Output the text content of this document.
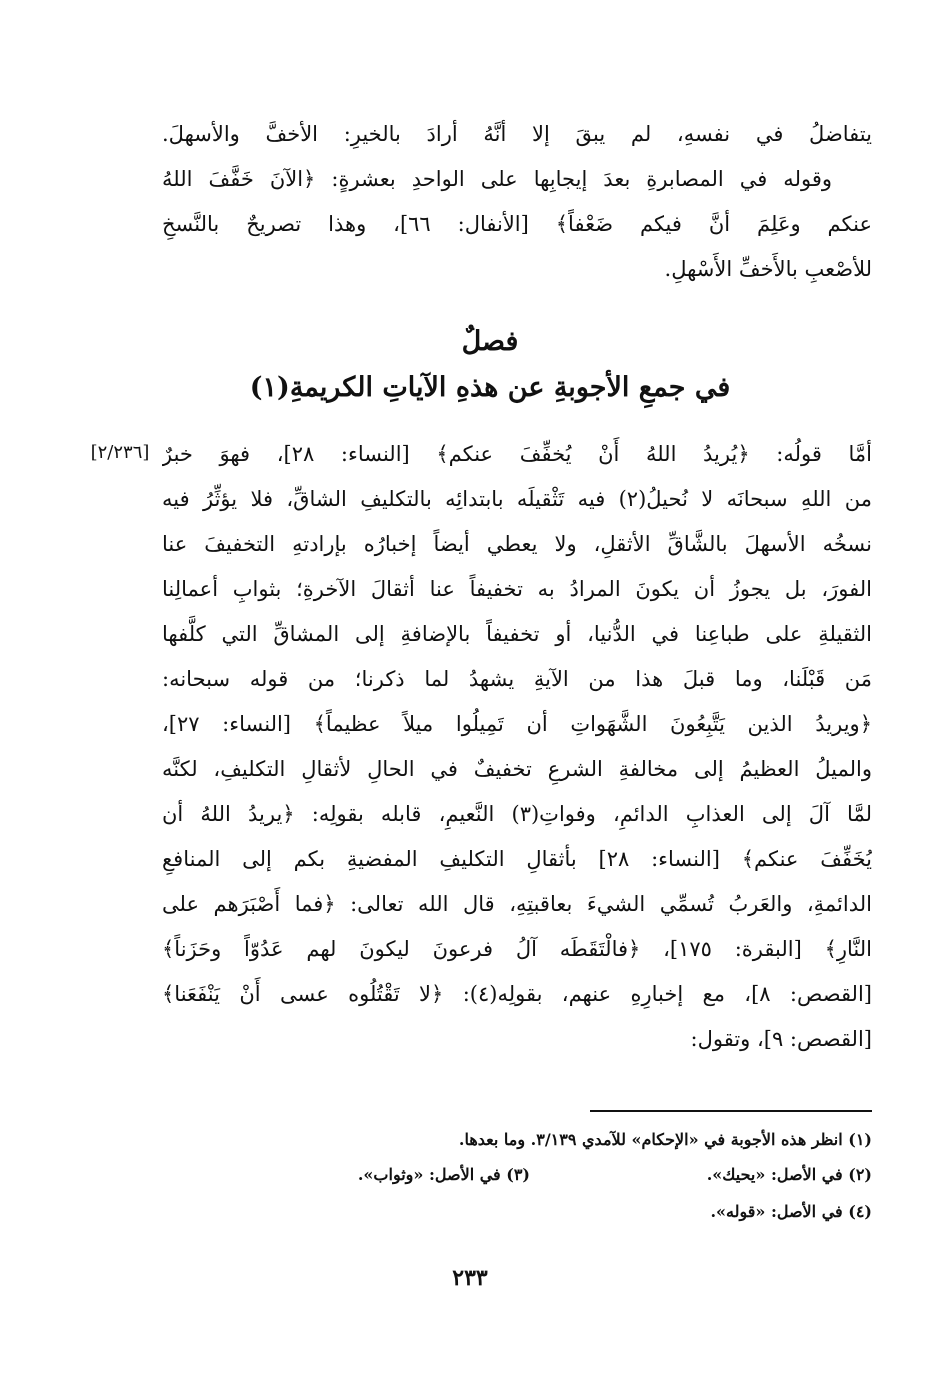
يتفاضلُ في نفسهِ، لم يبقَ إلا أنَّهُ أرادَ بالخيرِ: الأخفَّ والأسهلَ.
وقوله في المصابرةِ بعدَ إيجابِها على الواحدِ بعشرةٍ: ﴿الآنَ خَفَّفَ اللهُ
عنكم وعَلِمَ أنَّ فيكم ضَعْفاً﴾ [الأنفال: ٦٦]، وهذا تصريحٌ بالنَّسخِ
للأصْعبِ بالأَخفِّ الأَسْهلِ.
فصلٌ
في جمعِ الأجوبةِ عن هذهِ الآياتِ الكريمةِ(١)
[٢/٢٣٦] أمَّا قولُه: ﴿يُريدُ اللهُ أَنْ يُخفِّفَ عنكم﴾ [النساء: ٢٨]، فهوَ خبرٌ
من اللهِ سبحانَه لا نُحيلُ(٢) فيه تَثْقيلَه بابتدائِه بالتكليفِ الشاقِّ، فلا يؤثِّرُ فيه
نسخُه الأسهلَ بالشَّاقِّ الأثقلِ، ولا يعطي أيضاً إخبارُه بإرادتهِ التخفيفَ عنا
الفورَ، بل يجوزُ أن يكونَ المرادُ به تخفيفاً عنا أثقالَ الآخرةِ؛ بثوابِ أعمالِنا
الثقيلةِ على طباعِنا في الدُّنيا، أو تخفيفاً بالإضافةِ إلى المشاقِّ التي كلَّفها
مَن قَبْلَنا، وما قبلَ هذا من الآيةِ يشهدُ لما ذكرنا؛ من قوله سبحانه:
﴿ويريدُ الذين يَتَّبِعُونَ الشَّهَواتِ أن تَمِيلُوا ميلاً عظيماً﴾ [النساء: ٢٧]،
والميلُ العظيمُ إلى مخالفةِ الشرعِ تخفيفٌ في الحالِ لأثقالِ التكليفِ، لكنَّه
لمَّا آلَ إلى العذابِ الدائمِ، وفواتِ(٣) النَّعيمِ، قابله بقولِه: ﴿يريدُ اللهُ أن
يُخَفِّفَ عنكم﴾ [النساء: ٢٨] بأثقالِ التكليفِ المفضيةِ بكم إلى المنافعِ
الدائمةِ، والعَربُ تُسمِّي الشيءَ بعاقبتِهِ، قال الله تعالى: ﴿فما أَصْبَرَهم على
النَّارِ﴾ [البقرة: ١٧٥]، ﴿فالْتَقَطَه آلُ فرعونَ ليكونَ لهم عَدُوّاً وحَزَناً﴾
[القصص: ٨]، مع إخبارِهِ عنهم، بقولِه(٤): ﴿لا تَقْتُلُوه عسى أَنْ يَنْفَعَنا﴾
[القصص: ٩]، وتقول:
(١) انظر هذه الأجوبة في «الإحكام» للآمدي ٣/١٣٩. وما بعدها.
(٢) في الأصل: «يحيك».
(٣) في الأصل: «وثواب».
(٤) في الأصل: «قوله».
٢٣٣
